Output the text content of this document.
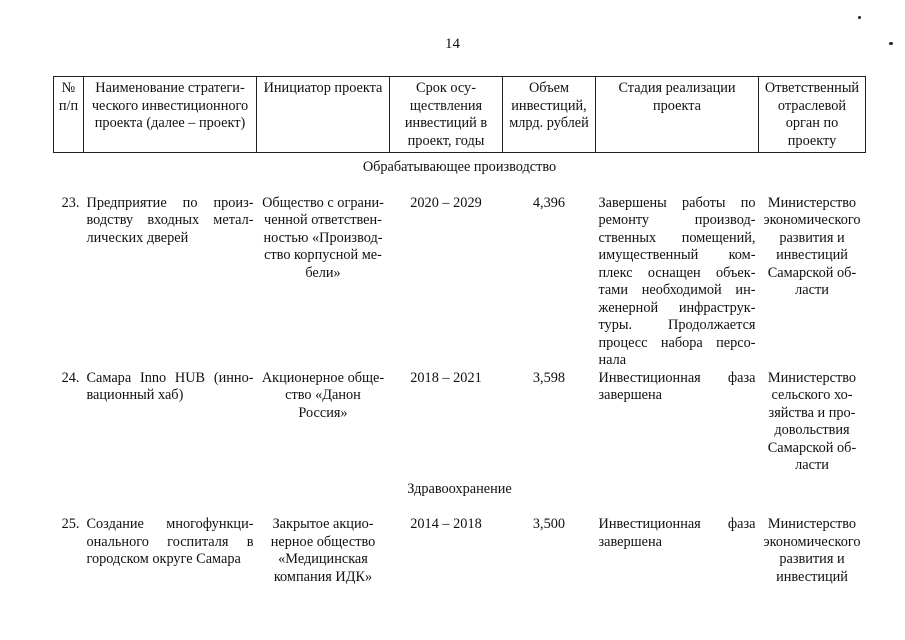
14
№ п/п	Наименование стратегического инвестиционного проекта (далее – проект)	Инициатор проекта	Срок осуществления инвестиций в проект, годы	Объем инвестиций, млрд. рублей	Стадия реализации проекта	Ответственный отраслевой орган по проекту
Обрабатывающее производство						
23.	Предприятие по производству входных металлических дверей	Общество с ограниченной ответственностью «Производство корпусной мебели»	2020 – 2029	4,396	Завершены работы по ремонту производственных помещений, имущественный комплекс оснащен объектами необходимой инженерной инфраструктуры. Продолжается процесс набора персонала	Министерство экономического развития и инвестиций Самарской области
24.	Самара Inno HUB (инновационный хаб)	Акционерное общество «Данон Россия»	2018 – 2021	3,598	Инвестиционная фаза завершена	Министерство сельского хозяйства и продовольствия Самарской области
Здравоохранение						
25.	Создание многофункционального госпиталя в городском округе Самара	Закрытое акционерное общество «Медицинская компания ИДК»	2014 – 2018	3,500	Инвестиционная фаза завершена	Министерство экономического развития и инвестиций
